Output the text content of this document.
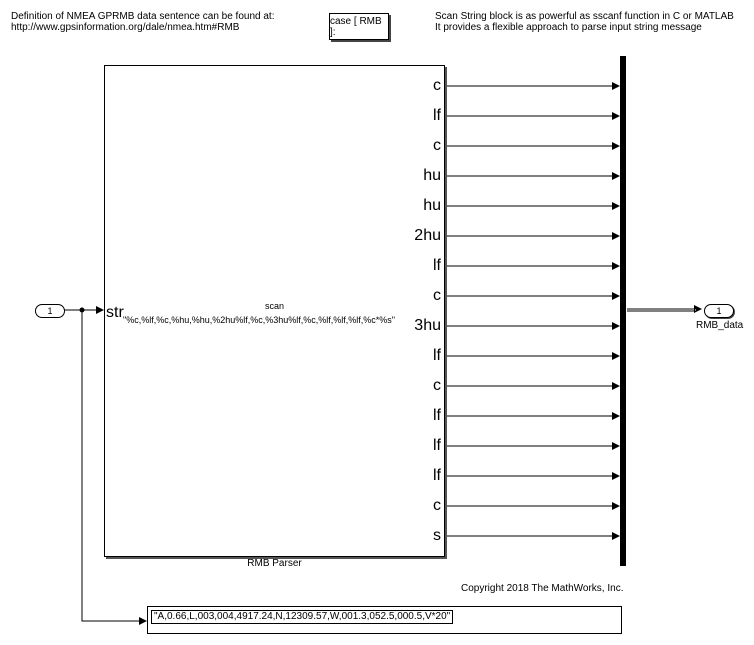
Definition of NMEA GPRMB data sentence can be found at:
http://www.gpsinformation.org/dale/nmea.htm#RMB
Scan String block is as powerful as sscanf function in C or MATLAB
It provides a flexible approach to parse input string message
case [ RMB ]:
1	str	scan
"%c,%lf,%c,%hu,%hu,%2hu%lf,%c,%3hu%lf,%c,%lf,%lf,%lf,%c*%s"
c
lf
c
hu
hu
2hu
lf
c
3hu
lf
c
lf
lf
lf
c
s
RMB Parser
1
RMB_data
"A,0.66,L,003,004,4917.24,N,12309.57,W,001.3,052.5,000.5,V*20"
Copyright 2018 The MathWorks, Inc.
